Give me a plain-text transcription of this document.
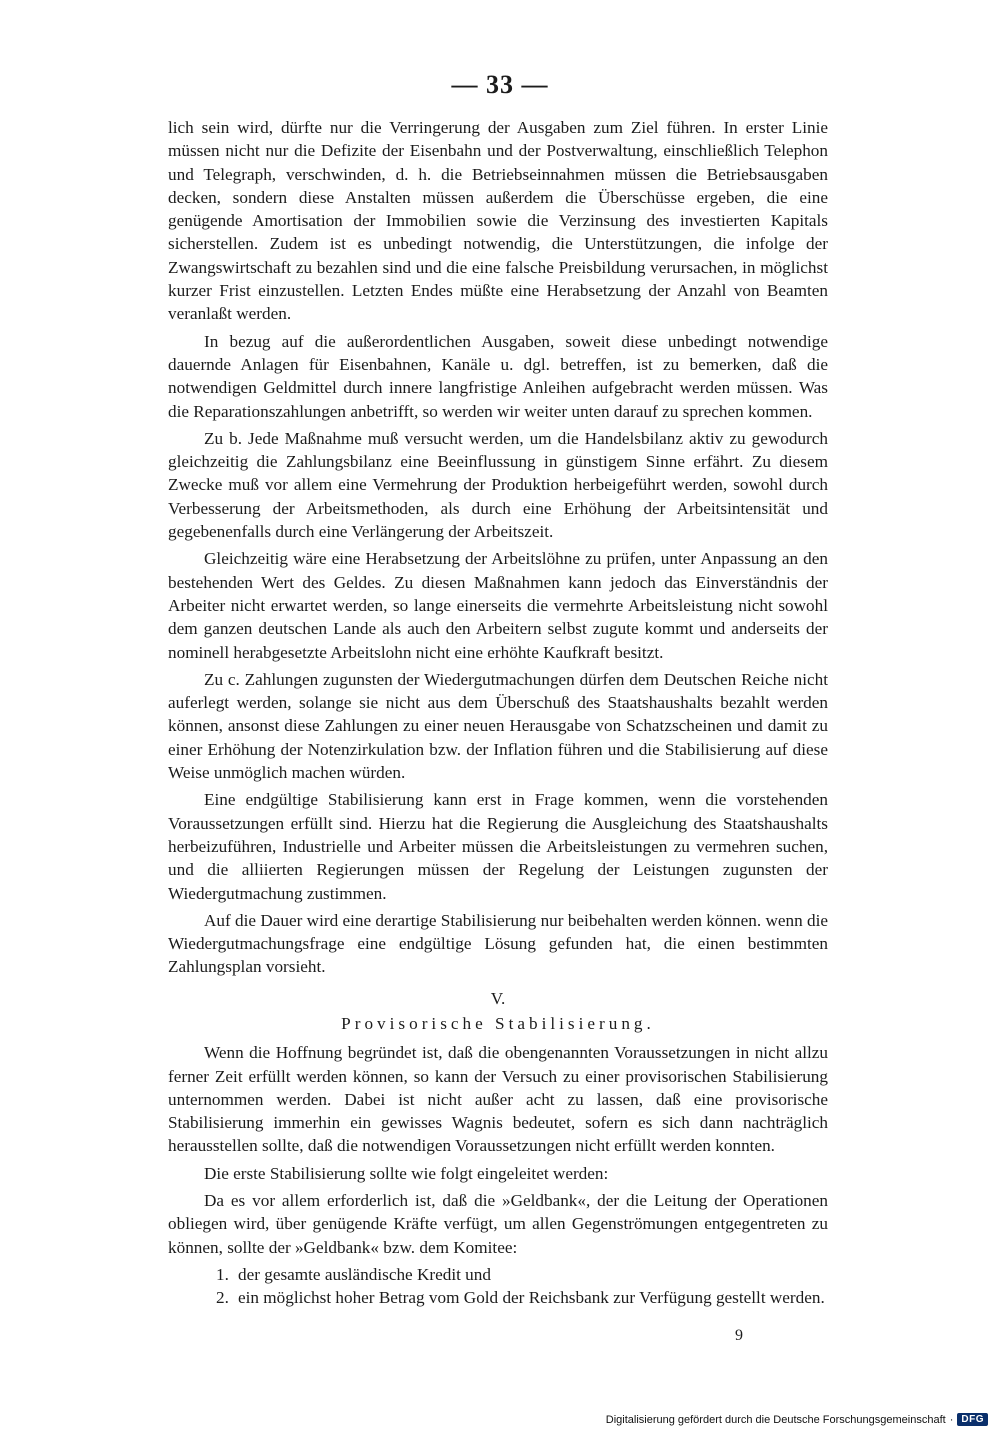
— 33 —

lich sein wird, dürfte nur die Verringerung der Ausgaben zum Ziel führen. In erster Linie müssen nicht nur die Defizite der Eisenbahn und der Postverwaltung, einschließlich Telephon und Telegraph, verschwinden, d. h. die Betriebseinnahmen müssen die Betriebsausgaben decken, sondern diese Anstalten müssen außerdem die Überschüsse ergeben, die eine genügende Amortisation der Immobilien sowie die Verzinsung des investierten Kapitals sicherstellen. Zudem ist es unbedingt notwendig, die Unterstützungen, die infolge der Zwangswirtschaft zu bezahlen sind und die eine falsche Preisbildung verursachen, in möglichst kurzer Frist einzustellen. Letzten Endes müßte eine Herabsetzung der Anzahl von Beamten veranlaßt werden.

In bezug auf die außerordentlichen Ausgaben, soweit diese unbedingt notwendige dauernde Anlagen für Eisenbahnen, Kanäle u. dgl. betreffen, ist zu bemerken, daß die notwendigen Geldmittel durch innere langfristige Anleihen aufgebracht werden müssen. Was die Reparationszahlungen anbetrifft, so werden wir weiter unten darauf zu sprechen kommen.

Zu b. Jede Maßnahme muß versucht werden, um die Handelsbilanz aktiv zu gewodurch gleichzeitig die Zahlungsbilanz eine Beeinflussung in günstigem Sinne erfährt. Zu diesem Zwecke muß vor allem eine Vermehrung der Produktion herbeigeführt werden, sowohl durch Verbesserung der Arbeitsmethoden, als durch eine Erhöhung der Arbeitsintensität und gegebenenfalls durch eine Verlängerung der Arbeitszeit.

Gleichzeitig wäre eine Herabsetzung der Arbeitslöhne zu prüfen, unter Anpassung an den bestehenden Wert des Geldes. Zu diesen Maßnahmen kann jedoch das Einverständnis der Arbeiter nicht erwartet werden, so lange einerseits die vermehrte Arbeitsleistung nicht sowohl dem ganzen deutschen Lande als auch den Arbeitern selbst zugute kommt und anderseits der nominell herabgesetzte Arbeitslohn nicht eine erhöhte Kaufkraft besitzt.

Zu c. Zahlungen zugunsten der Wiedergutmachungen dürfen dem Deutschen Reiche nicht auferlegt werden, solange sie nicht aus dem Überschuß des Staatshaushalts bezahlt werden können, ansonst diese Zahlungen zu einer neuen Herausgabe von Schatzscheinen und damit zu einer Erhöhung der Notenzirkulation bzw. der Inflation führen und die Stabilisierung auf diese Weise unmöglich machen würden.

Eine endgültige Stabilisierung kann erst in Frage kommen, wenn die vorstehenden Voraussetzungen erfüllt sind. Hierzu hat die Regierung die Ausgleichung des Staatshaushalts herbeizuführen, Industrielle und Arbeiter müssen die Arbeitsleistungen zu vermehren suchen, und die alliierten Regierungen müssen der Regelung der Leistungen zugunsten der Wiedergutmachung zustimmen.

Auf die Dauer wird eine derartige Stabilisierung nur beibehalten werden können. wenn die Wiedergutmachungsfrage eine endgültige Lösung gefunden hat, die einen bestimmten Zahlungsplan vorsieht.

V.
Provisorische Stabilisierung.

Wenn die Hoffnung begründet ist, daß die obengenannten Voraussetzungen in nicht allzu ferner Zeit erfüllt werden können, so kann der Versuch zu einer provisorischen Stabilisierung unternommen werden. Dabei ist nicht außer acht zu lassen, daß eine provisorische Stabilisierung immerhin ein gewisses Wagnis bedeutet, sofern es sich dann nachträglich herausstellen sollte, daß die notwendigen Voraussetzungen nicht erfüllt werden konnten.

Die erste Stabilisierung sollte wie folgt eingeleitet werden:

Da es vor allem erforderlich ist, daß die »Geldbank«, der die Leitung der Operationen obliegen wird, über genügende Kräfte verfügt, um allen Gegenströmungen entgegentreten zu können, sollte der »Geldbank« bzw. dem Komitee:

1. der gesamte ausländische Kredit und
2. ein möglichst hoher Betrag vom Gold der Reichsbank zur Verfügung gestellt werden.
9
Digitalisierung gefördert durch die Deutsche Forschungsgemeinschaft · DFG
